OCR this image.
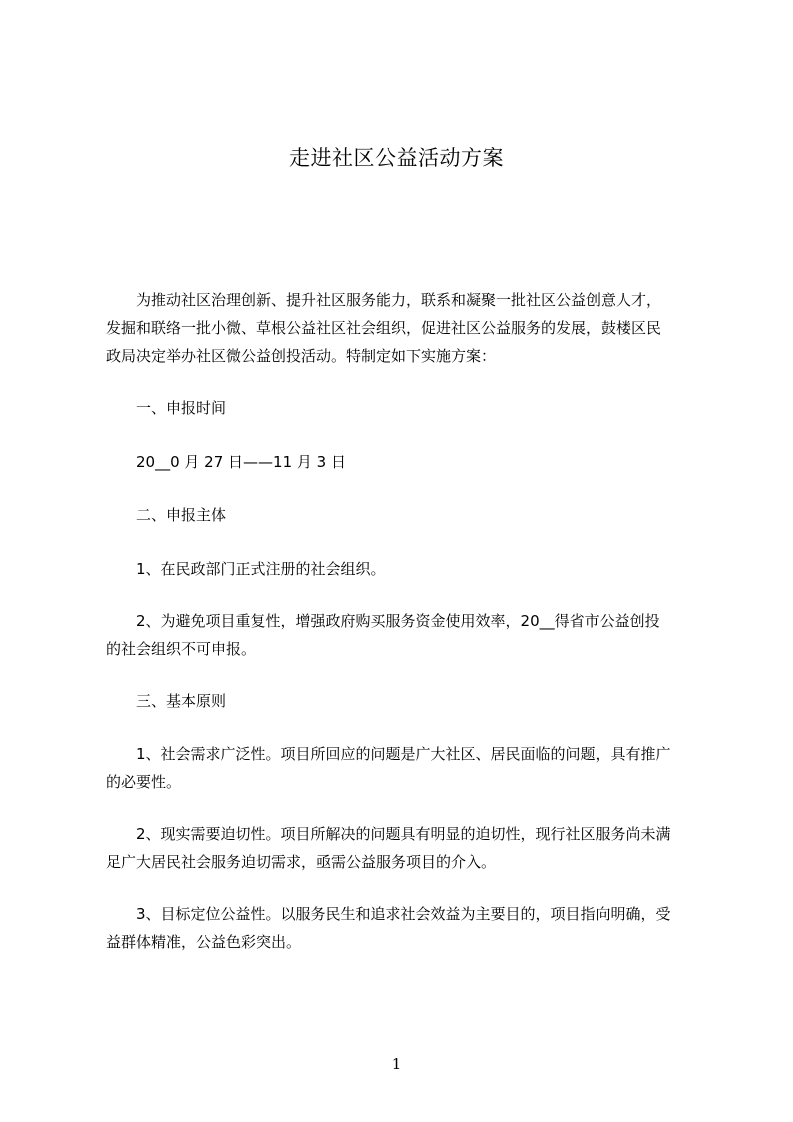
走进社区公益活动方案
　　为推动社区治理创新、提升社区服务能力，联系和凝聚一批社区公益创意人才，
发掘和联络一批小微、草根公益社区社会组织，促进社区公益服务的发展，鼓楼区民
政局决定举办社区微公益创投活动。特制定如下实施方案：
　　一、申报时间
　　20__0 月 27 日——11 月 3 日
　　二、申报主体
　　1、在民政部门正式注册的社会组织。
　　2、为避免项目重复性，增强政府购买服务资金使用效率，20__得省市公益创投
的社会组织不可申报。
　　三、基本原则
　　1、社会需求广泛性。项目所回应的问题是广大社区、居民面临的问题，具有推广
的必要性。
　　2、现实需要迫切性。项目所解决的问题具有明显的迫切性，现行社区服务尚未满
足广大居民社会服务迫切需求，亟需公益服务项目的介入。
　　3、目标定位公益性。以服务民生和追求社会效益为主要目的，项目指向明确，受
益群体精准，公益色彩突出。
1
